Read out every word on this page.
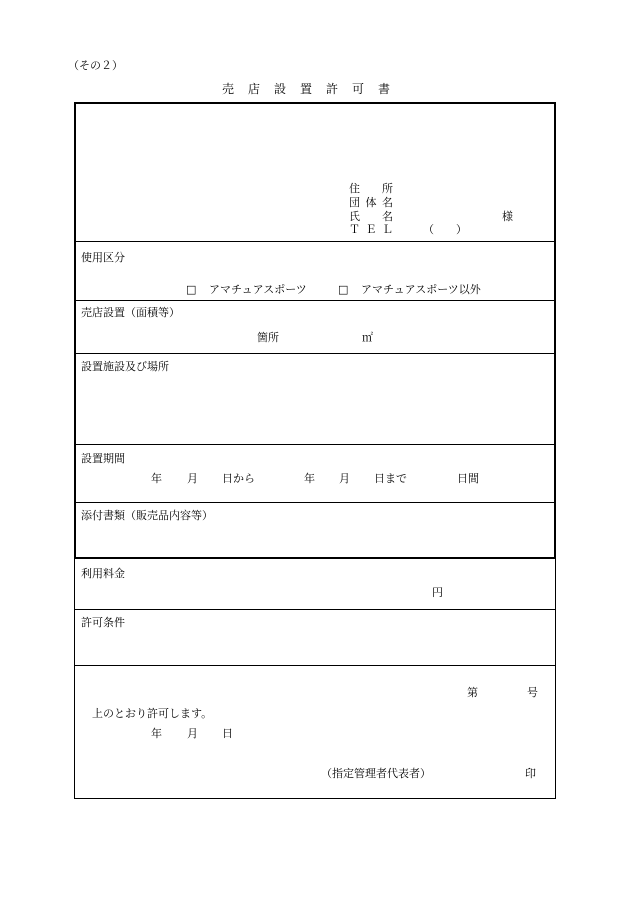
（その２）
売店設置許可書
住　　所
団体名
氏　　名	様
ＴＥＬ （　　）
使用区分
□ アマチュアスポーツ	□ アマチュアスポーツ以外
売店設置（面積等）
箇所	㎡
設置施設及び場所
設置期間
年 月 日から	年 月 日まで	日間
添付書類（販売品内容等）
利用料金
円
許可条件
第	号
上のとおり許可します。
年 月 日
（指定管理者代表者）	印
